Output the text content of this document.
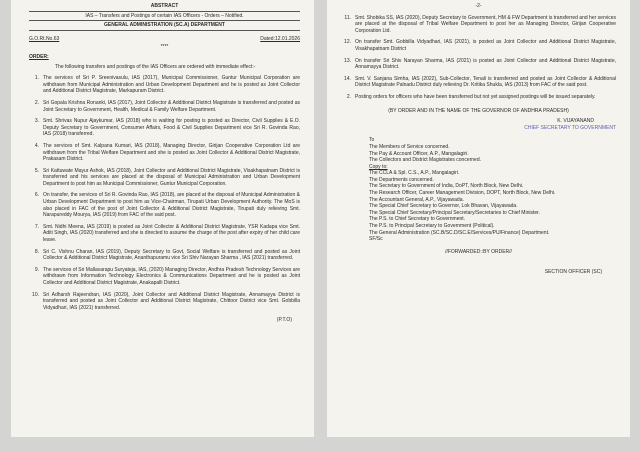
ABSTRACT
IAS – Transfers and Postings of certain IAS Officers - Orders – Notified.
GENERAL ADMINISTRATION (SC.A) DEPARTMENT
G.O.Rt.No.63	Dated:12.01.2026
****
ORDER:
The following transfers and postings of the IAS Officers are ordered with immediate effect:-
1. The services of Sri P. Sreenivasulu, IAS (2017), Municipal Commissioner, Guntur Municipal Corporation are withdrawn from Municipal Administration and Urban Development Department and he is posted as Joint Collector and Additional District Magistrate, Markapuram District.
2. Sri Gopala Krishna Ronanki, IAS (2017), Joint Collector & Additional District Magistrate is transferred and posted as Joint Secretary to Government, Health, Medical & Family Welfare Department.
3. Smt. Shrivas Nupur Ajaykumar, IAS (2018) who is waiting for posting is posted as Director, Civil Supplies & E.O. Deputy Secretary to Government, Consumer Affairs, Food & Civil Supplies Department vice Sri R. Govinda Rao, IAS (2018) transferred.
4. The services of Smt. Kalpana Kumari, IAS (2018), Managing Director, Girijan Cooperative Corporation Ltd are withdrawn from the Tribal Welfare Department and she is posted as Joint Collector & Additional District Magistrate, Prakasam District.
5. Sri Kattuwate Mayur Ashok, IAS (2018), Joint Collector and Additional District Magistrate, Visakhapatnam District is transferred and his services are placed at the disposal of Municipal Administration and Urban Development Department to post him as Municipal Commissioner, Guntur Municipal Corporation.
6. On transfer, the services of Sri R. Govinda Rao, IAS (2018), are placed at the disposal of Municipal Administration & Urban Development Department to post him as Vice-Chairman, Tirupati Urban Development Authority. The MoS is also placed in FAC of the post of Joint Collector & Additional District Magistrate, Tirupati duly relieving Smt. Narapureddy Mourya, IAS (2019) from FAC of the said post.
7. Smt. Nidhi Meena, IAS (2019) is posted as Joint Collector & Additional District Magistrate, YSR Kadapa vice Smt. Aditi Singh, IAS (2020) transferred and she is directed to assume the charge of the post after expiry of her child care leave.
8. Sri C. Vishnu Charan, IAS (2019), Deputy Secretary to Govt, Social Welfare is transferred and posted as Joint Collector & Additional District Magistrate, Ananthapuramu vice Sri Shiv Narayan Sharma , IAS (2021) transferred.
9. The services of Sri Mallavarapu Suryateja, IAS, (2020) Managing Director, Andhra Pradesh Technology Services are withdrawn from Information Technology Electronics & Communications Department and he is posted as Joint Collector and Additional District Magistrate, Anakapalli District.
10. Sri Adharsh Rajeendran, IAS (2020), Joint Collector and Additional District Magistrate, Annamayya District is transferred and posted as Joint Collector and Additional District Magistrate, Chittoor District vice Smt. Gobbilla Vidyadhari, IAS (2021) transferred.
(P.T.O)
-2-
11. Smt. Shobika SS, IAS (2020), Deputy Secretary to Government, HM & FW Department is transferred and her services are placed at the disposal of Tribal Welfare Department to post her as Managing Director, Girijan Cooperative Corporation Ltd.
12. On transfer Smt. Gobbilla Vidyadhari, IAS (2021), is posted as Joint Collector and Additional District Magistrate, Visakhapatnam District
13. On transfer Sri Shiv Narayan Sharma, IAS (2021) is posted as Joint Collector and Additional District Magistrate, Annamayya District.
14. Smt. V. Sanjana Simha, IAS (2022), Sub-Collector, Tenali is transferred and posted as Joint Collector & Additional District Magistrate Palnadu District duly relieving Dr. Kritika Shukla, IAS (2013) from FAC of the said post.
2. Posting orders for officers who have been transferred but not yet assigned postings will be issued separately.
(BY ORDER AND IN THE NAME OF THE GOVERNOR OF ANDHRA PRADESH)
K. VIJAYANAND
CHIEF SECRETARY TO GOVERNMENT
To
The Members of Service concerned.
The Pay & Account Officer, A.P., Mangalagiri.
The Collectors and District Magistrates concerned.
Copy to:
The CCLA & Spl. C.S., A.P., Mangalagiri.
The Departments concerned.
The Secretary to Government of India, DoPT, North Block, New Delhi.
The Research Officer, Career Management Division, DOPT, North Block, New Delhi.
The Accountant General, A.P., Vijayawada.
The Special Chief Secretary to Governor, Lok Bhavan, Vijayawada.
The Special Chief Secretary/Principal Secretary/Secretaries to Chief Minister.
The P.S. to Chief Secretary to Government.
The P.S. to Principal Secretary to Government (Political).
The General Administration (SC.B/SC.D/SC.E/Services/PU/Finance) Department.
SF/Sc
//FORWARDED::BY ORDER//
SECTION OFFICER (SC)
